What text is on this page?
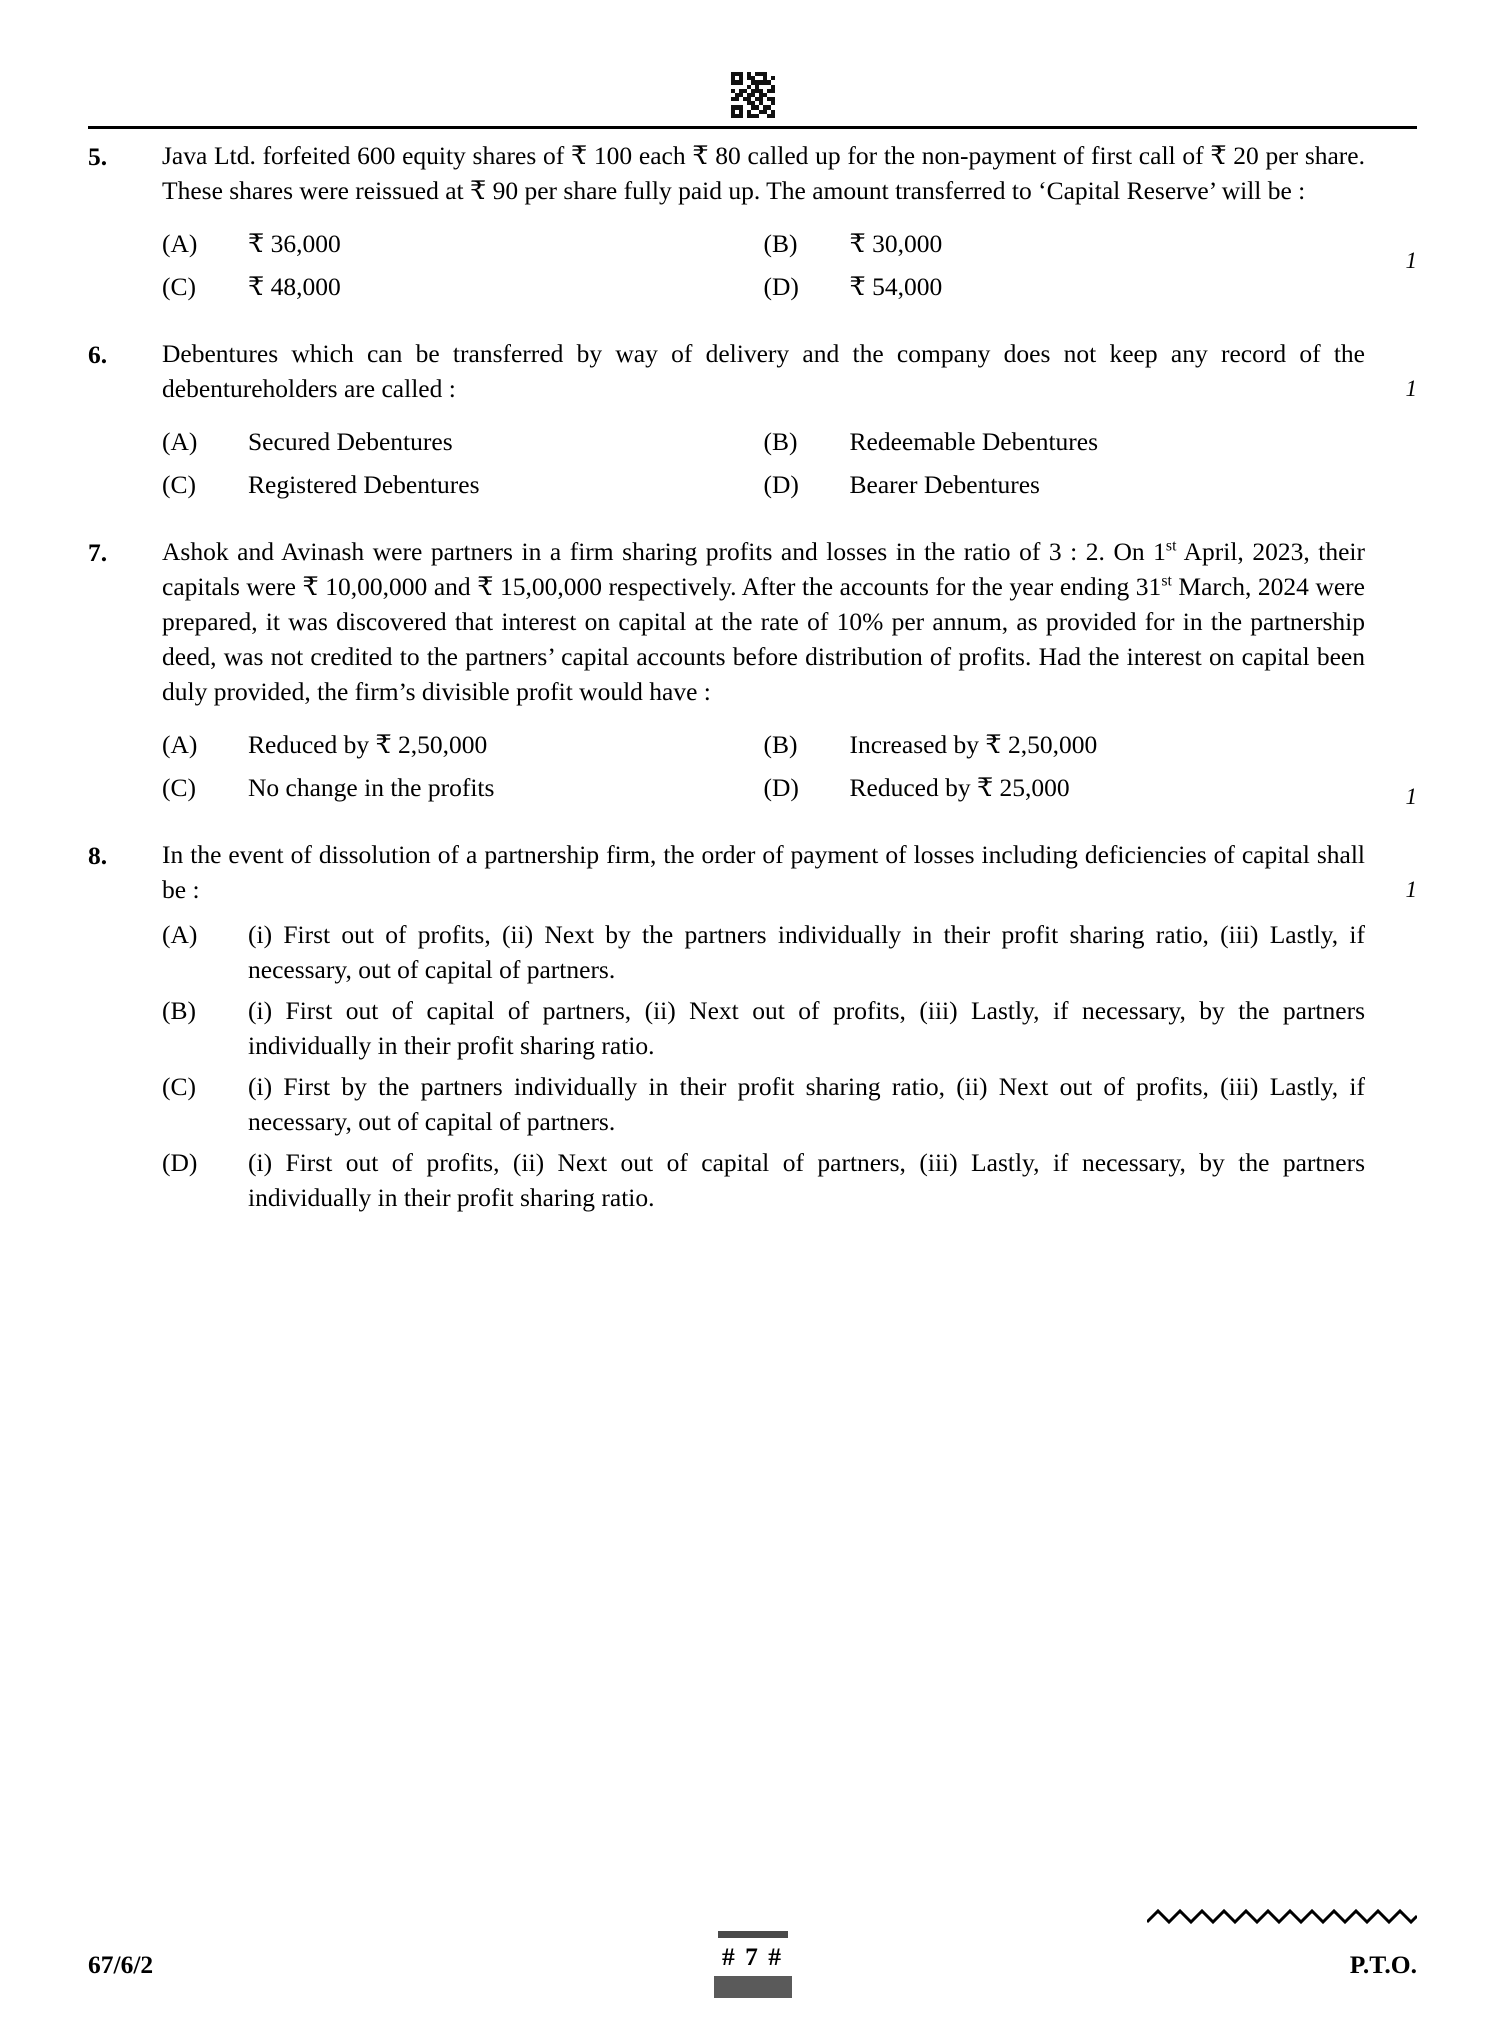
5.	Java Ltd. forfeited 600 equity shares of ₹ 100 each ₹ 80 called up for the non-payment of first call of ₹ 20 per share. These shares were reissued at ₹ 90 per share fully paid up. The amount transferred to ‘Capital Reserve’ will be :

(A)	₹ 36,000	(B)	₹ 30,000
(C)	₹ 48,000	(D)	₹ 54,000
1
6.	Debentures which can be transferred by way of delivery and the company does not keep any record of the debentureholders are called :

(A)	Secured Debentures	(B)	Redeemable Debentures
(C)	Registered Debentures	(D)	Bearer Debentures
1
7.	Ashok and Avinash were partners in a firm sharing profits and losses in the ratio of 3 : 2. On 1st April, 2023, their capitals were ₹ 10,00,000 and ₹ 15,00,000 respectively. After the accounts for the year ending 31st March, 2024 were prepared, it was discovered that interest on capital at the rate of 10% per annum, as provided for in the partnership deed, was not credited to the partners’ capital accounts before distribution of profits. Had the interest on capital been duly provided, the firm’s divisible profit would have :

(A)	Reduced by ₹ 2,50,000	(B)	Increased by ₹ 2,50,000
(C)	No change in the profits	(D)	Reduced by ₹ 25,000	1
8.	In the event of dissolution of a partnership firm, the order of payment of losses including deficiencies of capital shall be :

(A)	(i) First out of profits, (ii) Next by the partners individually in their profit sharing ratio, (iii) Lastly, if necessary, out of capital of partners.

(B)	(i) First out of capital of partners, (ii) Next out of profits, (iii) Lastly, if necessary, by the partners individually in their profit sharing ratio.

(C)	(i) First by the partners individually in their profit sharing ratio, (ii) Next out of profits, (iii) Lastly, if necessary, out of capital of partners.

(D)	(i) First out of profits, (ii) Next out of capital of partners, (iii) Lastly, if necessary, by the partners individually in their profit sharing ratio.

1
67/6/2	# 7 #	P.T.O.
